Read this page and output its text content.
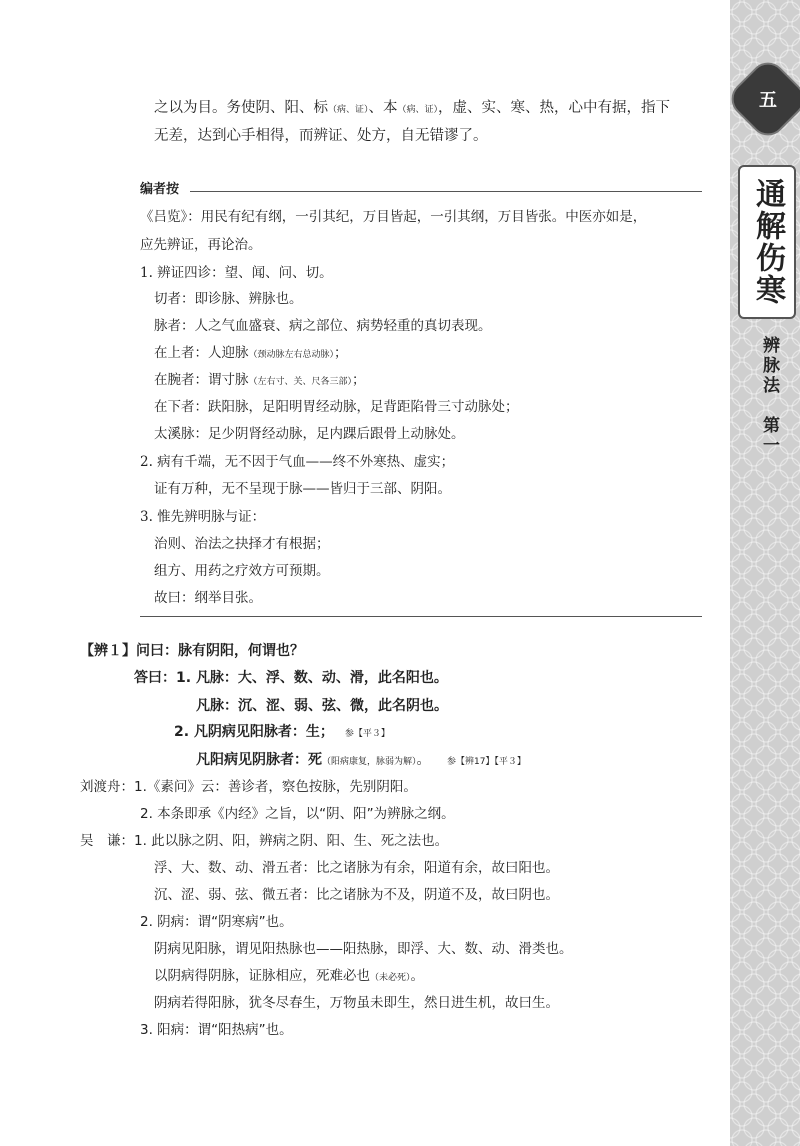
之以为目。务使阴、阳、标（病、证）、本（病、证），虚、实、寒、热，心中有据，指下
无差，达到心手相得，而辨证、处方，自无错谬了。
编者按
《吕览》：用民有纪有纲，一引其纪，万目皆起，一引其纲，万目皆张。中医亦如是，
应先辨证，再论治。
1. 辨证四诊：望、闻、问、切。
切者：即诊脉、辨脉也。
脉者：人之气血盛衰、病之部位、病势轻重的真切表现。
在上者：人迎脉（颈动脉左右总动脉）；
在腕者：谓寸脉（左右寸、关、尺各三部）；
在下者：趺阳脉，足阳明胃经动脉，足背距陷骨三寸动脉处；
太溪脉：足少阴肾经动脉，足内踝后跟骨上动脉处。
2. 病有千端，无不因于气血——终不外寒热、虚实；
证有万种，无不呈现于脉——皆归于三部、阴阳。
3. 惟先辨明脉与证：
治则、治法之抉择才有根据；
组方、用药之疗效方可预期。
故曰：纲举目张。
【辨１】问曰：脉有阴阳，何谓也？
答曰：1. 凡脉：大、浮、数、动、滑，此名阳也。
凡脉：沉、涩、弱、弦、微，此名阴也。
2. 凡阴病见阳脉者：生； 参【平３】
凡阳病见阴脉者：死（阳病康复，脉弱为解）。 参【辨17】【平３】
刘渡舟：1.《素问》云：善诊者，察色按脉，先别阴阳。
2. 本条即承《内经》之旨，以“阴、阳”为辨脉之纲。
吴　谦：1. 此以脉之阴、阳，辨病之阴、阳、生、死之法也。
浮、大、数、动、滑五者：比之诸脉为有余，阳道有余，故曰阳也。
沉、涩、弱、弦、微五者：比之诸脉为不及，阴道不及，故曰阴也。
2. 阴病：谓“阴寒病”也。
阴病见阳脉，谓见阳热脉也——阳热脉，即浮、大、数、动、滑类也。
以阴病得阴脉，证脉相应，死难必也（未必死）。
阴病若得阳脉，犹冬尽春生，万物虽未即生，然日进生机，故曰生。
3. 阳病：谓“阳热病”也。
五
通解伤寒
辨脉法　第一
